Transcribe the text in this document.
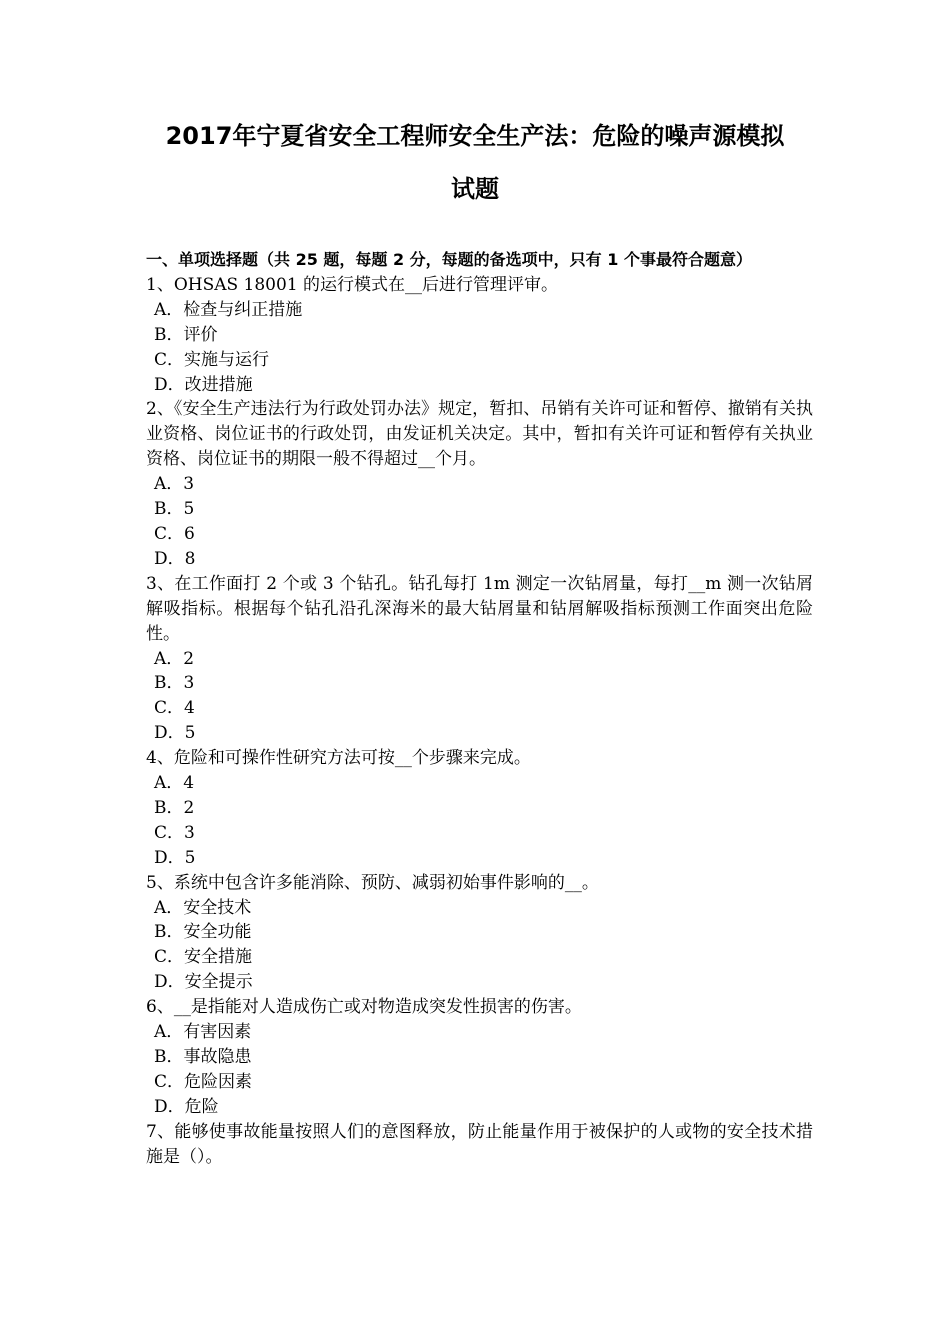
2017年宁夏省安全工程师安全生产法：危险的噪声源模拟
试题
一、单项选择题（共 25 题，每题 2 分，每题的备选项中，只有 1 个事最符合题意）
1、OHSAS 18001 的运行模式在__后进行管理评审。
A．检查与纠正措施
B．评价
C．实施与运行
D．改进措施
2、《安全生产违法行为行政处罚办法》规定，暂扣、吊销有关许可证和暂停、撤销有关执业资格、岗位证书的行政处罚，由发证机关决定。其中，暂扣有关许可证和暂停有关执业资格、岗位证书的期限一般不得超过__个月。
A．3
B．5
C．6
D．8
3、在工作面打 2 个或 3 个钻孔。钻孔每打 1m 测定一次钻屑量，每打__m 测一次钻屑解吸指标。根据每个钻孔沿孔深海米的最大钻屑量和钻屑解吸指标预测工作面突出危险性。
A．2
B．3
C．4
D．5
4、危险和可操作性研究方法可按__个步骤来完成。
A．4
B．2
C．3
D．5
5、系统中包含许多能消除、预防、减弱初始事件影响的__。
A．安全技术
B．安全功能
C．安全措施
D．安全提示
6、__是指能对人造成伤亡或对物造成突发性损害的伤害。
A．有害因素
B．事故隐患
C．危险因素
D．危险
7、能够使事故能量按照人们的意图释放，防止能量作用于被保护的人或物的安全技术措施是（）。
